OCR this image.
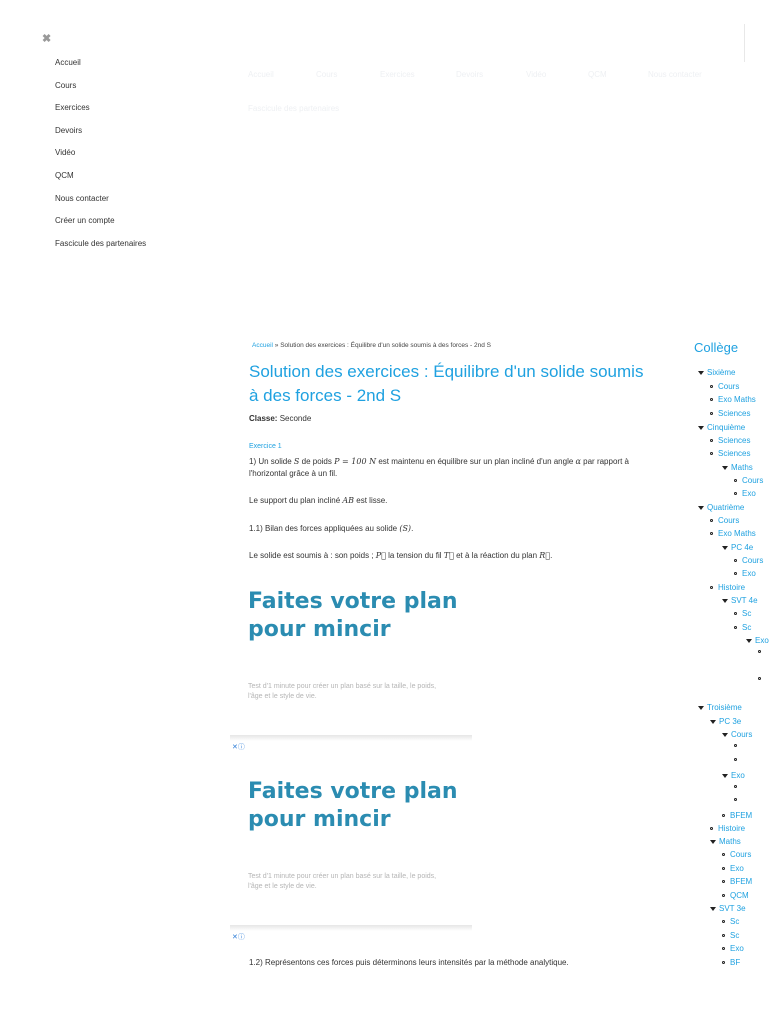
✖
Accueil
Cours
Exercices
Devoirs
Vidéo
QCM
Nous contacter
Créer un compte
Fascicule des partenaires
Accueil	Cours	Exercices	Devoirs	Vidéo	QCM	Nous contacter
Fascicule des partenaires
Accueil » Solution des exercices : Équilibre d'un solide soumis à des forces - 2nd S
Solution des exercices : Équilibre d'un solide soumis à des forces - 2nd S
Classe: Seconde
Exercice 1
1) Un solide S de poids P = 100 N est maintenu en équilibre sur un plan incliné d'un angle α par rapport à l'horizontal grâce à un fil.
Le support du plan incliné AB est lisse.
1.1) Bilan des forces appliquées au solide (S).
Le solide est soumis à : son poids ; P⃗ la tension du fil T⃗ et à la réaction du plan R⃗.
Faites votre plan pour mincir
Test d'1 minute pour créer un plan basé sur la taille, le poids, l'âge et le style de vie.
✕ⓘ
Faites votre plan pour mincir
Test d'1 minute pour créer un plan basé sur la taille, le poids, l'âge et le style de vie.
✕ⓘ
1.2) Représentons ces forces puis déterminons leurs intensités par la méthode analytique.
Collège
Sixième
Cours
Exo Maths
Sciences
Cinquième
Sciences
Sciences
Maths
Cours
Exo
Quatrième
Cours
Exo Maths
PC 4e
Cours
Exo
Histoire
SVT 4e
Sc
Sc
Exo
Troisième
PC 3e
Cours
Exo
BFEM
Histoire
Maths
Cours
Exo
BFEM
QCM
SVT 3e
Sc
Sc
Exo
BF
